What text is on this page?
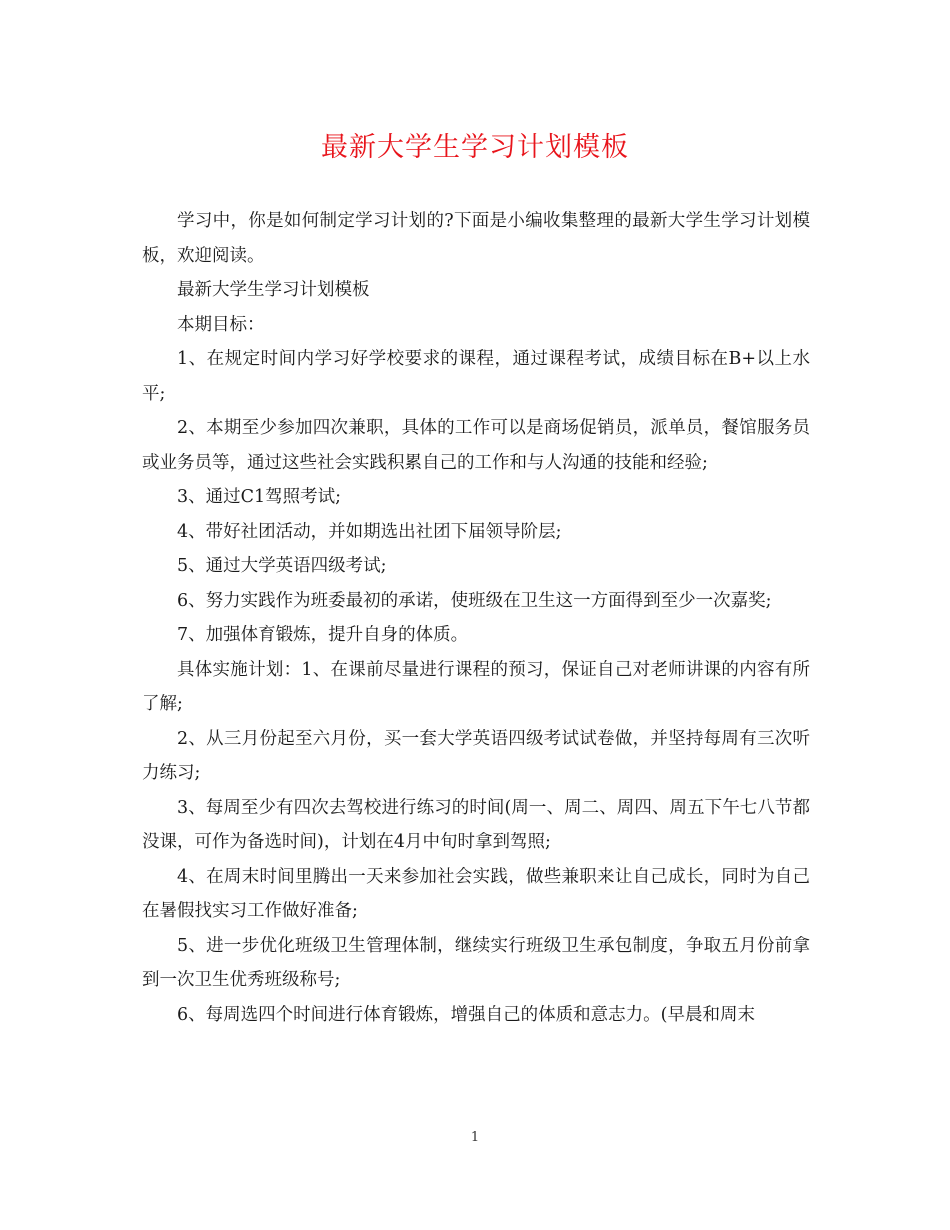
最新大学生学习计划模板

学习中，你是如何制定学习计划的?下面是小编收集整理的最新大学生学习计划模板，欢迎阅读。

最新大学生学习计划模板

本期目标：

1、在规定时间内学习好学校要求的课程，通过课程考试，成绩目标在B+以上水平;

2、本期至少参加四次兼职，具体的工作可以是商场促销员，派单员，餐馆服务员或业务员等，通过这些社会实践积累自己的工作和与人沟通的技能和经验;

3、通过C1驾照考试;

4、带好社团活动，并如期选出社团下届领导阶层;

5、通过大学英语四级考试;

6、努力实践作为班委最初的承诺，使班级在卫生这一方面得到至少一次嘉奖;

7、加强体育锻炼，提升自身的体质。

具体实施计划：1、在课前尽量进行课程的预习，保证自己对老师讲课的内容有所了解;

2、从三月份起至六月份，买一套大学英语四级考试试卷做，并坚持每周有三次听力练习;

3、每周至少有四次去驾校进行练习的时间(周一、周二、周四、周五下午七八节都没课，可作为备选时间)，计划在4月中旬时拿到驾照;

4、在周末时间里腾出一天来参加社会实践，做些兼职来让自己成长，同时为自己在暑假找实习工作做好准备;

5、进一步优化班级卫生管理体制，继续实行班级卫生承包制度，争取五月份前拿到一次卫生优秀班级称号;

6、每周选四个时间进行体育锻炼，增强自己的体质和意志力。(早晨和周末

1
